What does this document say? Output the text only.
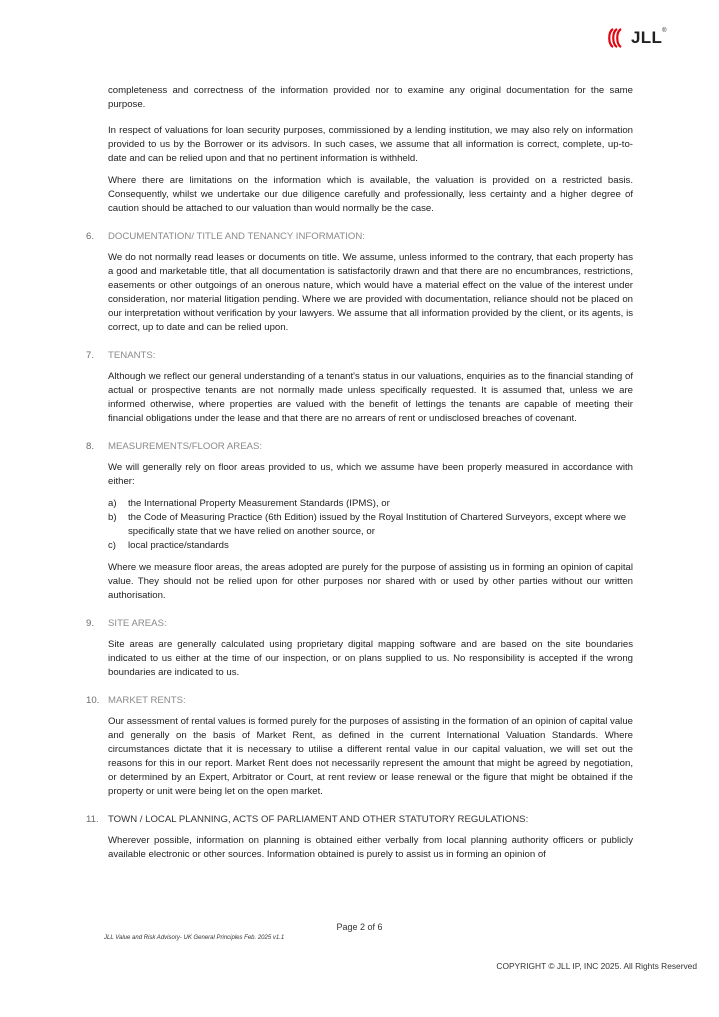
JLL®

completeness and correctness of the information provided nor to examine any original documentation for the same purpose.

In respect of valuations for loan security purposes, commissioned by a lending institution, we may also rely on information provided to us by the Borrower or its advisors. In such cases, we assume that all information is correct, complete, up-to-date and can be relied upon and that no pertinent information is withheld.

Where there are limitations on the information which is available, the valuation is provided on a restricted basis. Consequently, whilst we undertake our due diligence carefully and professionally, less certainty and a higher degree of caution should be attached to our valuation than would normally be the case.

6. DOCUMENTATION/ TITLE AND TENANCY INFORMATION:

We do not normally read leases or documents on title. We assume, unless informed to the contrary, that each property has a good and marketable title, that all documentation is satisfactorily drawn and that there are no encumbrances, restrictions, easements or other outgoings of an onerous nature, which would have a material effect on the value of the interest under consideration, nor material litigation pending. Where we are provided with documentation, reliance should not be placed on our interpretation without verification by your lawyers. We assume that all information provided by the client, or its agents, is correct, up to date and can be relied upon.

7. TENANTS:

Although we reflect our general understanding of a tenant's status in our valuations, enquiries as to the financial standing of actual or prospective tenants are not normally made unless specifically requested. It is assumed that, unless we are informed otherwise, where properties are valued with the benefit of lettings the tenants are capable of meeting their financial obligations under the lease and that there are no arrears of rent or undisclosed breaches of covenant.

8. MEASUREMENTS/FLOOR AREAS:

We will generally rely on floor areas provided to us, which we assume have been properly measured in accordance with either:

a) the International Property Measurement Standards (IPMS), or
b) the Code of Measuring Practice (6th Edition) issued by the Royal Institution of Chartered Surveyors, except where we specifically state that we have relied on another source, or
c) local practice/standards

Where we measure floor areas, the areas adopted are purely for the purpose of assisting us in forming an opinion of capital value. They should not be relied upon for other purposes nor shared with or used by other parties without our written authorisation.

9. SITE AREAS:

Site areas are generally calculated using proprietary digital mapping software and are based on the site boundaries indicated to us either at the time of our inspection, or on plans supplied to us. No responsibility is accepted if the wrong boundaries are indicated to us.

10. MARKET RENTS:

Our assessment of rental values is formed purely for the purposes of assisting in the formation of an opinion of capital value and generally on the basis of Market Rent, as defined in the current International Valuation Standards. Where circumstances dictate that it is necessary to utilise a different rental value in our capital valuation, we will set out the reasons for this in our report. Market Rent does not necessarily represent the amount that might be agreed by negotiation, or determined by an Expert, Arbitrator or Court, at rent review or lease renewal or the figure that might be obtained if the property or unit were being let on the open market.

11. TOWN / LOCAL PLANNING, ACTS OF PARLIAMENT AND OTHER STATUTORY REGULATIONS:

Wherever possible, information on planning is obtained either verbally from local planning authority officers or publicly available electronic or other sources. Information obtained is purely to assist us in forming an opinion of

Page 2 of 6
JLL Value and Risk Advisory- UK General Principles Feb. 2025 v1.1
COPYRIGHT © JLL IP, INC 2025. All Rights Reserved
